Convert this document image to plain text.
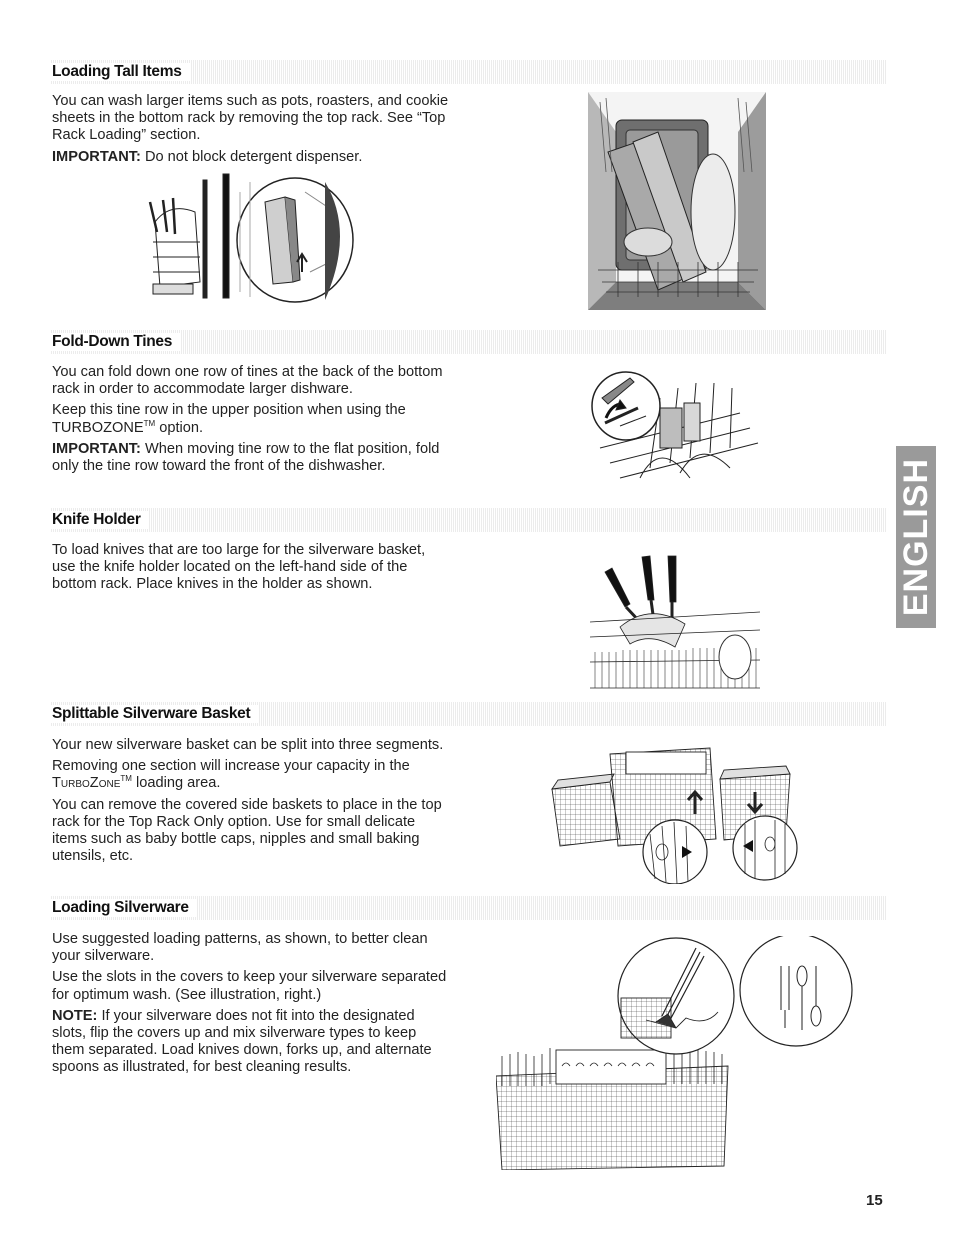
Loading Tall Items

You can wash larger items such as pots, roasters, and cookie sheets in the bottom rack by removing the top rack. See “Top Rack Loading” section.

IMPORTANT: Do not block detergent dispenser.

Fold-Down Tines

You can fold down one row of tines at the back of the bottom rack in order to accommodate larger dishware.

Keep this tine row in the upper position when using the TURBOZONE™ option.

IMPORTANT: When moving tine row to the flat position, fold only the tine row toward the front of the dishwasher.

Knife Holder

To load knives that are too large for the silverware basket, use the knife holder located on the left-hand side of the bottom rack. Place knives in the holder as shown.

Splittable Silverware Basket

Your new silverware basket can be split into three segments.

Removing one section will increase your capacity in the TurboZone™ loading area.

You can remove the covered side baskets to place in the top rack for the Top Rack Only option. Use for small delicate items such as baby bottle caps, nipples and small baking utensils, etc.

Loading Silverware

Use suggested loading patterns, as shown, to better clean your silverware.

Use the slots in the covers to keep your silverware separated for optimum wash. (See illustration, right.)

NOTE: If your silverware does not fit into the designated slots, flip the covers up and mix silverware types to keep them separated. Load knives down, forks up, and alternate spoons as illustrated, for best cleaning results.

ENGLISH
15
